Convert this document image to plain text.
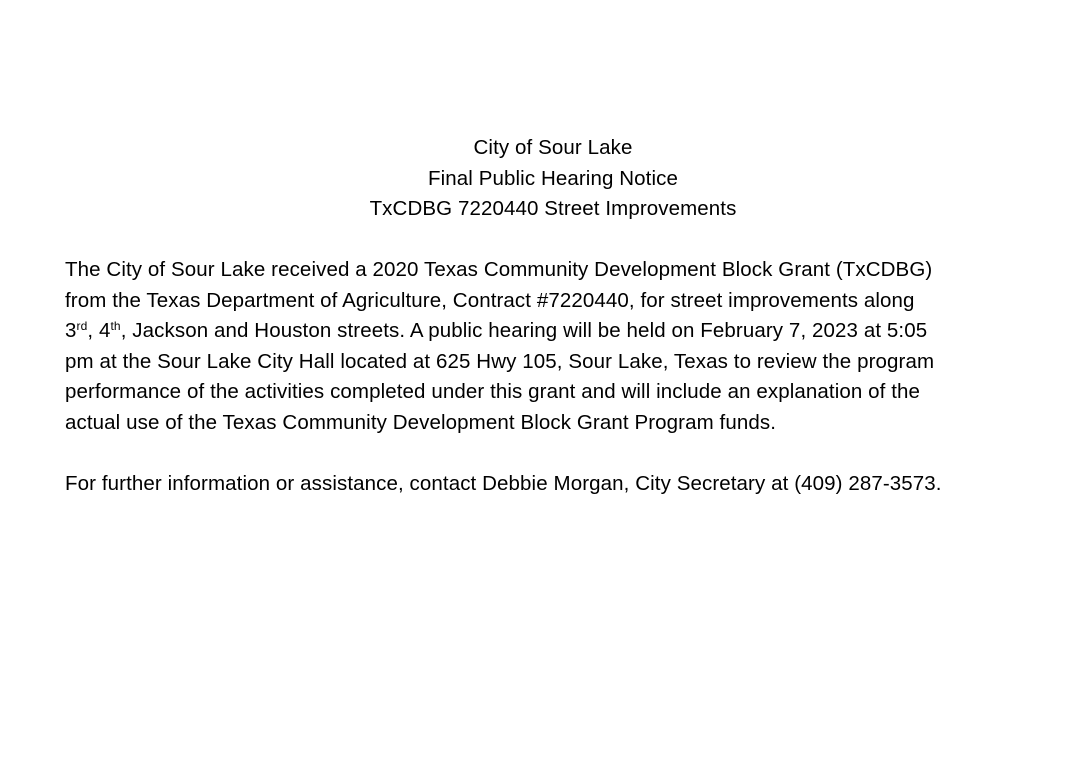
City of Sour Lake
Final Public Hearing Notice
TxCDBG 7220440 Street Improvements
The City of Sour Lake received a 2020 Texas Community Development Block Grant (TxCDBG)
from the Texas Department of Agriculture, Contract #7220440, for street improvements along
3rd, 4th, Jackson and Houston streets. A public hearing will be held on February 7, 2023 at 5:05
pm at the Sour Lake City Hall located at 625 Hwy 105, Sour Lake, Texas to review the program
performance of the activities completed under this grant and will include an explanation of the
actual use of the Texas Community Development Block Grant Program funds.
For further information or assistance, contact Debbie Morgan, City Secretary at (409) 287-3573.
